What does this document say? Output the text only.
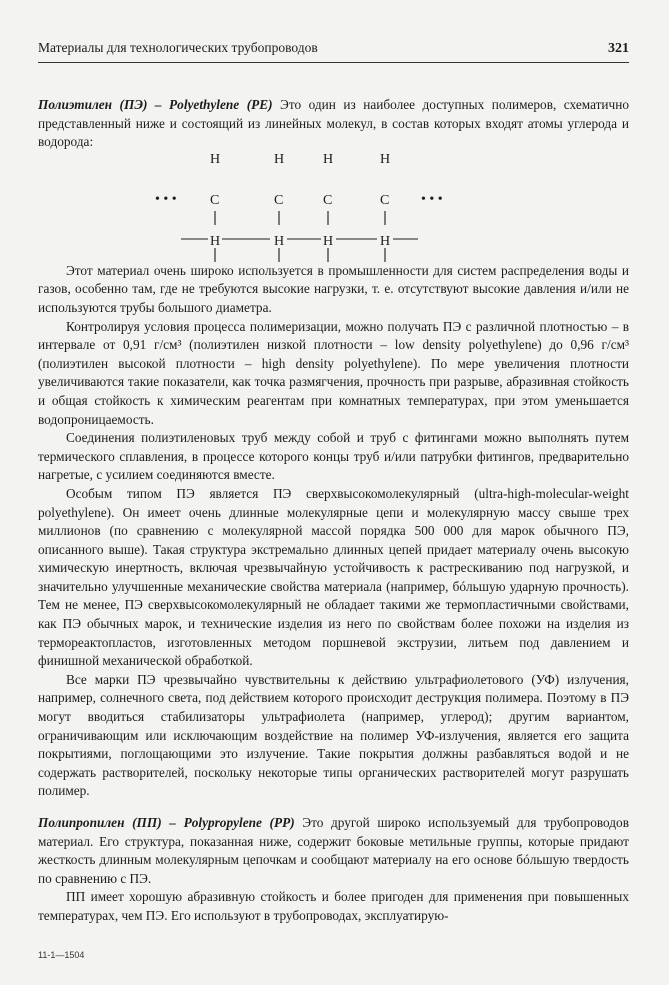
Материалы для технологических трубопроводов	321

Полиэтилен (ПЭ) – Polyethylene (PE) Это один из наиболее доступных полимеров, схематично представленный ниже и состоящий из линейных молекул, в состав которых входят атомы углерода и водорода:

• • •	• • •
H	H	H	H
C	C	C	C
H	H	H	H

Этот материал очень широко используется в промышленности для систем распределения воды и газов, особенно там, где не требуются высокие нагрузки, т. е. отсутствуют высокие давления и/или не используются трубы большого диаметра.

Контролируя условия процесса полимеризации, можно получать ПЭ с различной плотностью – в интервале от 0,91 г/см³ (полиэтилен низкой плотности – low density polyethylene) до 0,96 г/см³ (полиэтилен высокой плотности – high density polyethylene). По мере увеличения плотности увеличиваются такие показатели, как точка размягчения, прочность при разрыве, абразивная стойкость и общая стойкость к химическим реагентам при комнатных температурах, при этом уменьшается водопроницаемость.

Соединения полиэтиленовых труб между собой и труб с фитингами можно выполнять путем термического сплавления, в процессе которого концы труб и/или патрубки фитингов, предварительно нагретые, с усилием соединяются вместе.

Особым типом ПЭ является ПЭ сверхвысокомолекулярный (ultra-high-molecular-weight polyethylene). Он имеет очень длинные молекулярные цепи и молекулярную массу свыше трех миллионов (по сравнению с молекулярной массой порядка 500 000 для марок обычного ПЭ, описанного выше). Такая структура экстремально длинных цепей придает материалу очень высокую химическую инертность, включая чрезвычайную устойчивость к растрескиванию под нагрузкой, и значительно улучшенные механические свойства материала (например, бóльшую ударную прочность). Тем не менее, ПЭ сверхвысокомолекулярный не обладает такими же термопластичными свойствами, как ПЭ обычных марок, и технические изделия из него по свойствам более похожи на изделия из термореактопластов, изготовленных методом поршневой экструзии, литьем под давлением и финишной механической обработкой.

Все марки ПЭ чрезвычайно чувствительны к действию ультрафиолетового (УФ) излучения, например, солнечного света, под действием которого происходит деструкция полимера. Поэтому в ПЭ могут вводиться стабилизаторы ультрафиолета (например, углерод); другим вариантом, ограничивающим или исключающим воздействие на полимер УФ-излучения, является его защита покрытиями, поглощающими это излучение. Такие покрытия должны разбавляться водой и не содержать растворителей, поскольку некоторые типы органических растворителей могут разрушать полимер.

Полипропилен (ПП) – Polypropylene (PP) Это другой широко используемый для трубопроводов материал. Его структура, показанная ниже, содержит боковые метильные группы, которые придают жесткость длинным молекулярным цепочкам и сообщают материалу на его основе бóльшую твердость по сравнению с ПЭ.

ПП имеет хорошую абразивную стойкость и более пригоден для применения при повышенных температурах, чем ПЭ. Его используют в трубопроводах, эксплуатирую-

11-1—1504
